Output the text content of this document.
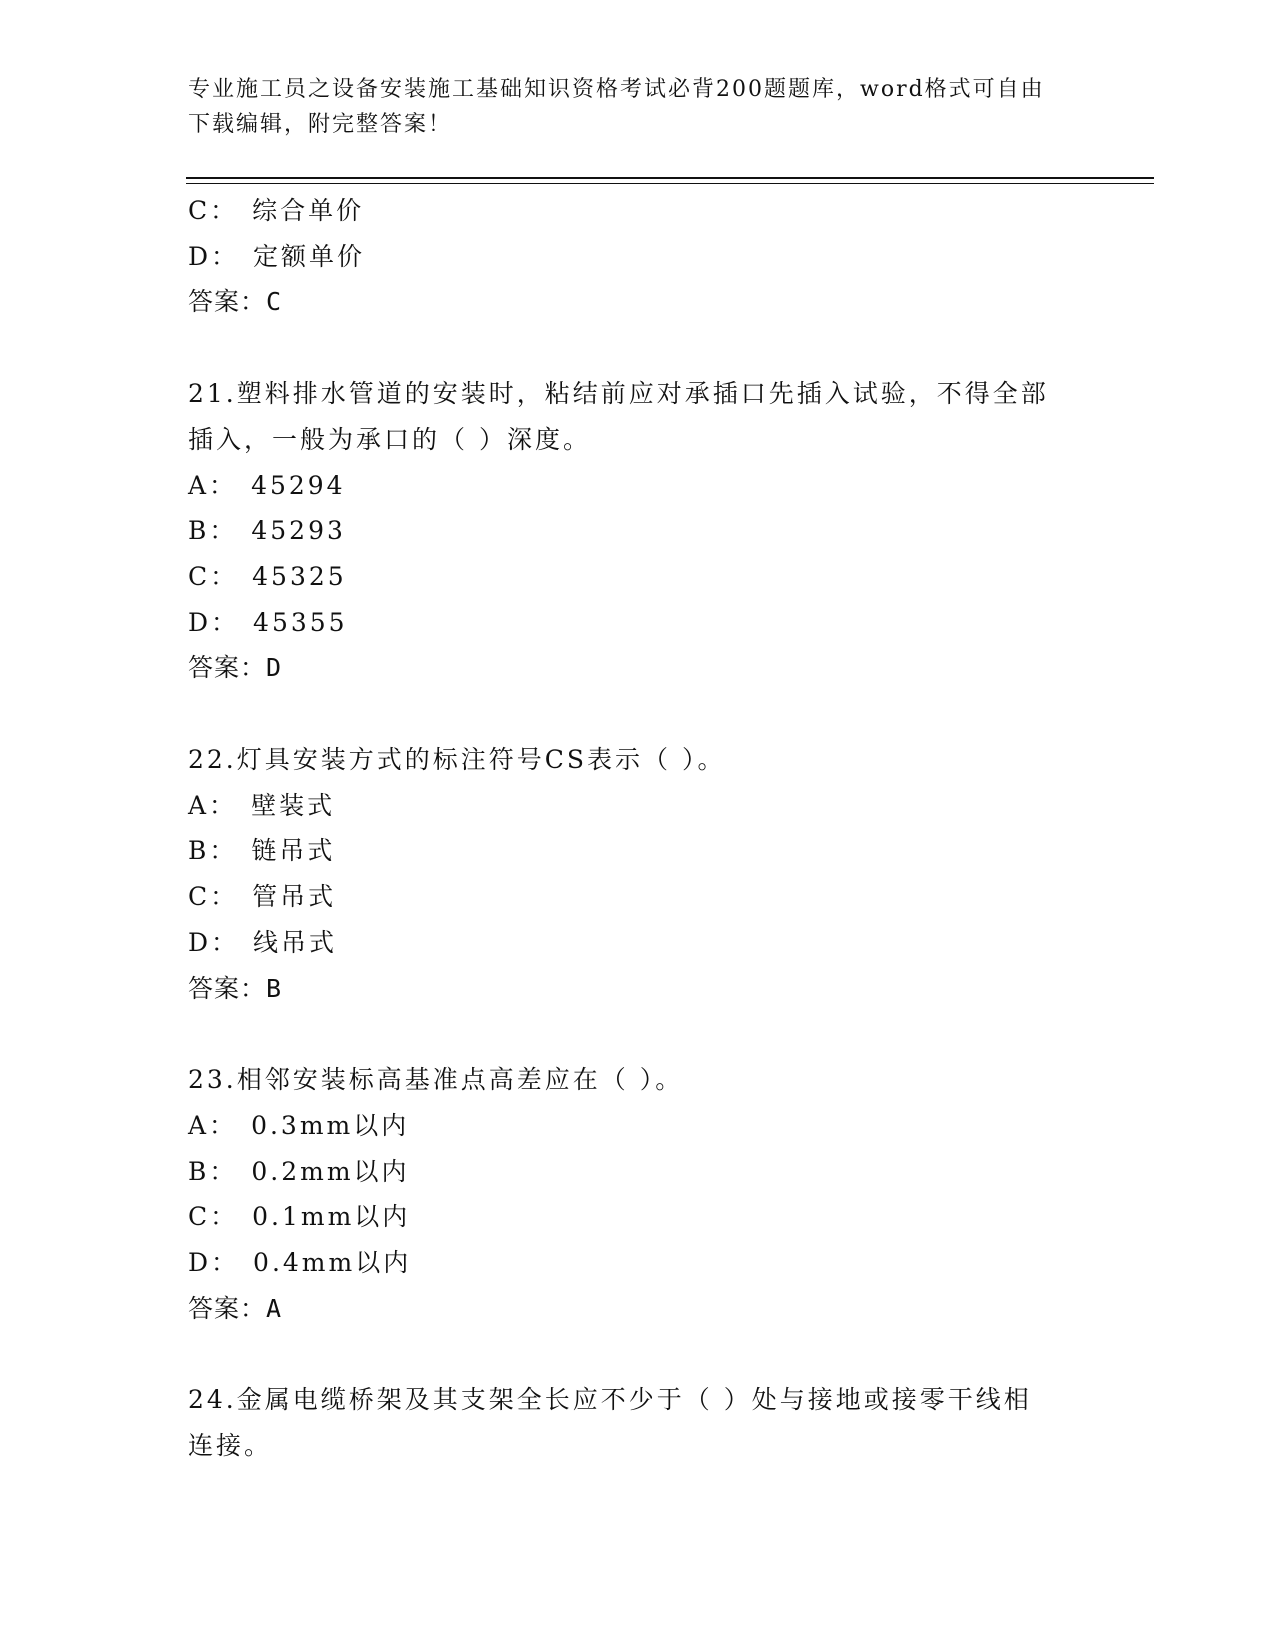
专业施工员之设备安装施工基础知识资格考试必背200题题库，word格式可自由
下载编辑，附完整答案！
C： 综合单价
D： 定额单价
答案：C
21.塑料排水管道的安装时，粘结前应对承插口先插入试验，不得全部
插入，一般为承口的（ ）深度。
A： 45294
B： 45293
C： 45325
D： 45355
答案：D
22.灯具安装方式的标注符号CS表示（ ）。
A： 壁装式
B： 链吊式
C： 管吊式
D： 线吊式
答案：B
23.相邻安装标高基准点高差应在（ ）。
A： 0.3mm以内
B： 0.2mm以内
C： 0.1mm以内
D： 0.4mm以内
答案：A
24.金属电缆桥架及其支架全长应不少于（ ）处与接地或接零干线相
连接。
